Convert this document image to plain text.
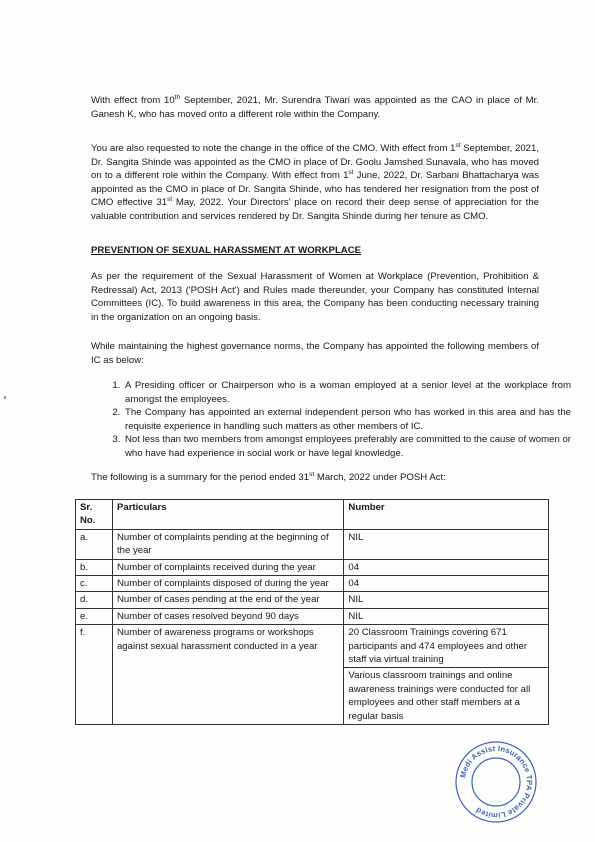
With effect from 10th September, 2021, Mr. Surendra Tiwari was appointed as the CAO in place of Mr. Ganesh K, who has moved onto a different role within the Company.

You are also requested to note the change in the office of the CMO. With effect from 1st September, 2021, Dr. Sangita Shinde was appointed as the CMO in place of Dr. Goolu Jamshed Sunavala, who has moved on to a different role within the Company. With effect from 1st June, 2022, Dr. Sarbani Bhattacharya was appointed as the CMO in place of Dr. Sangita Shinde, who has tendered her resignation from the post of CMO effective 31st May, 2022. Your Directors' place on record their deep sense of appreciation for the valuable contribution and services rendered by Dr. Sangita Shinde during her tenure as CMO.

PREVENTION OF SEXUAL HARASSMENT AT WORKPLACE

As per the requirement of the Sexual Harassment of Women at Workplace (Prevention, Prohibition & Redressal) Act, 2013 ('POSH Act') and Rules made thereunder, your Company has constituted Internal Committees (IC). To build awareness in this area, the Company has been conducting necessary training in the organization on an ongoing basis.

While maintaining the highest governance norms, the Company has appointed the following members of IC as below:

1. A Presiding officer or Chairperson who is a woman employed at a senior level at the workplace from amongst the employees.
2. The Company has appointed an external independent person who has worked in this area and has the requisite experience in handling such matters as other members of IC.
3. Not less than two members from amongst employees preferably are committed to the cause of women or who have had experience in social work or have legal knowledge.

The following is a summary for the period ended 31st March, 2022 under POSH Act:

Sr. No.	Particulars	Number
a.	Number of complaints pending at the beginning of the year	NIL
b.	Number of complaints received during the year	04
c.	Number of complaints disposed of during the year	04
d.	Number of cases pending at the end of the year	NIL
e.	Number of cases resolved beyond 90 days	NIL
f.	Number of awareness programs or workshops against sexual harassment conducted in a year	20 Classroom Trainings covering 671 participants and 474 employees and other staff via virtual training
		Various classroom trainings and online awareness trainings were conducted for all employees and other staff members at a regular basis
Medi Assist Insurance TPA Private Limited
